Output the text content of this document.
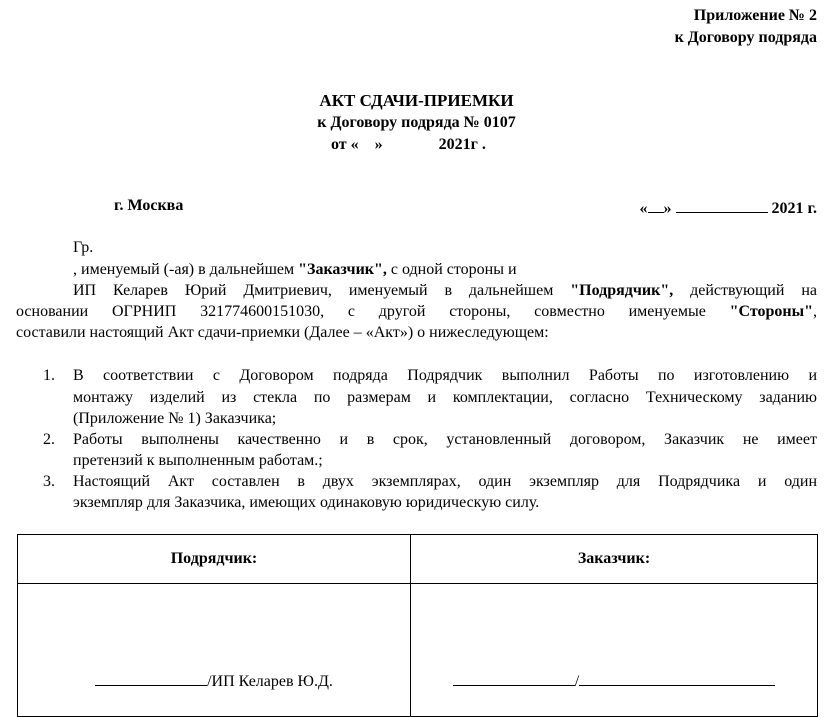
Приложение № 2
к Договору подряда
АКТ СДАЧИ-ПРИЕМКИ
к Договору подряда № 0107
от «    »              2021г .
г. Москва	« »	2021 г.
Гр.
, именуемый (-ая) в дальнейшем "Заказчик", с одной стороны и
ИП Келарев Юрий Дмитриевич, именуемый в дальнейшем "Подрядчик", действующий на
основании ОГРНИП 321774600151030, с другой стороны, совместно именуемые "Стороны",
составили настоящий Акт сдачи-приемки (Далее – «Акт») о нижеследующем:
1. В соответствии с Договором подряда Подрядчик выполнил Работы по изготовлению и
монтажу изделий из стекла по размерам и комплектации, согласно Техническому заданию
(Приложение № 1) Заказчика;
2. Работы выполнены качественно и в срок, установленный договором, Заказчик не имеет
претензий к выполненным работам.;
3. Настоящий Акт составлен в двух экземплярах, один экземпляр для Подрядчика и один
экземпляр для Заказчика, имеющих одинаковую юридическую силу.
Подрядчик:	Заказчик:
/ИП Келарев Ю.Д.	/
